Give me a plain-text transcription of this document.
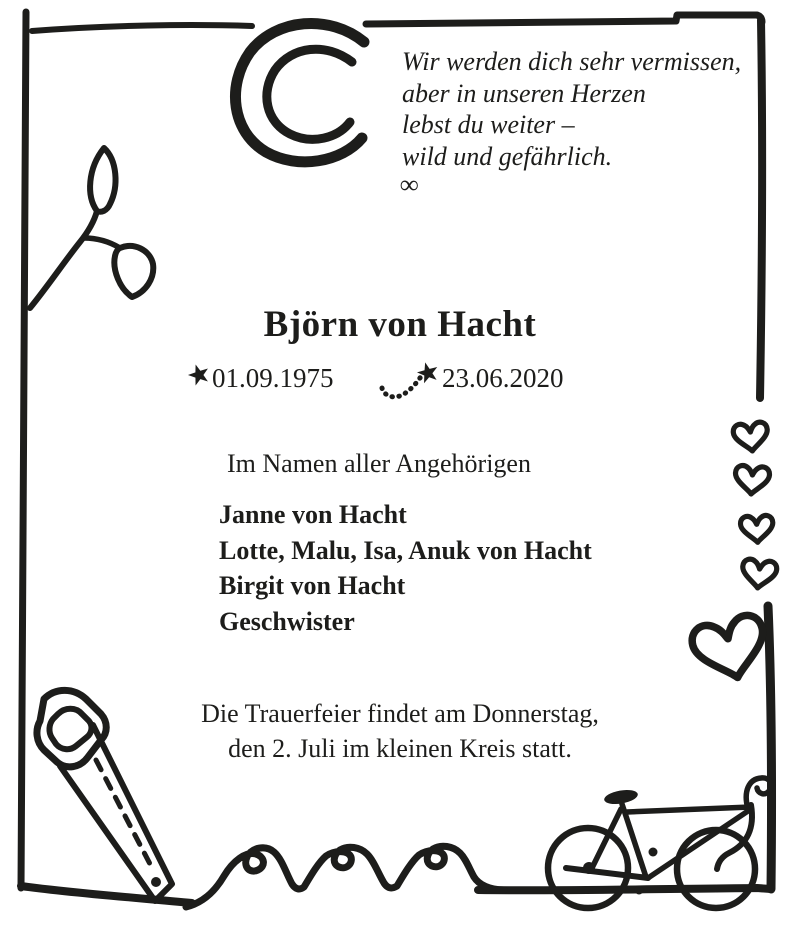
Wir werden dich sehr vermissen,
aber in unseren Herzen
lebst du weiter –
wild und gefährlich.
∞
Björn von Hacht
01.09.1975	23.06.2020
Im Namen aller Angehörigen
Janne von Hacht
Lotte, Malu, Isa, Anuk von Hacht
Birgit von Hacht
Geschwister
Die Trauerfeier findet am Donnerstag,
den 2. Juli im kleinen Kreis statt.
